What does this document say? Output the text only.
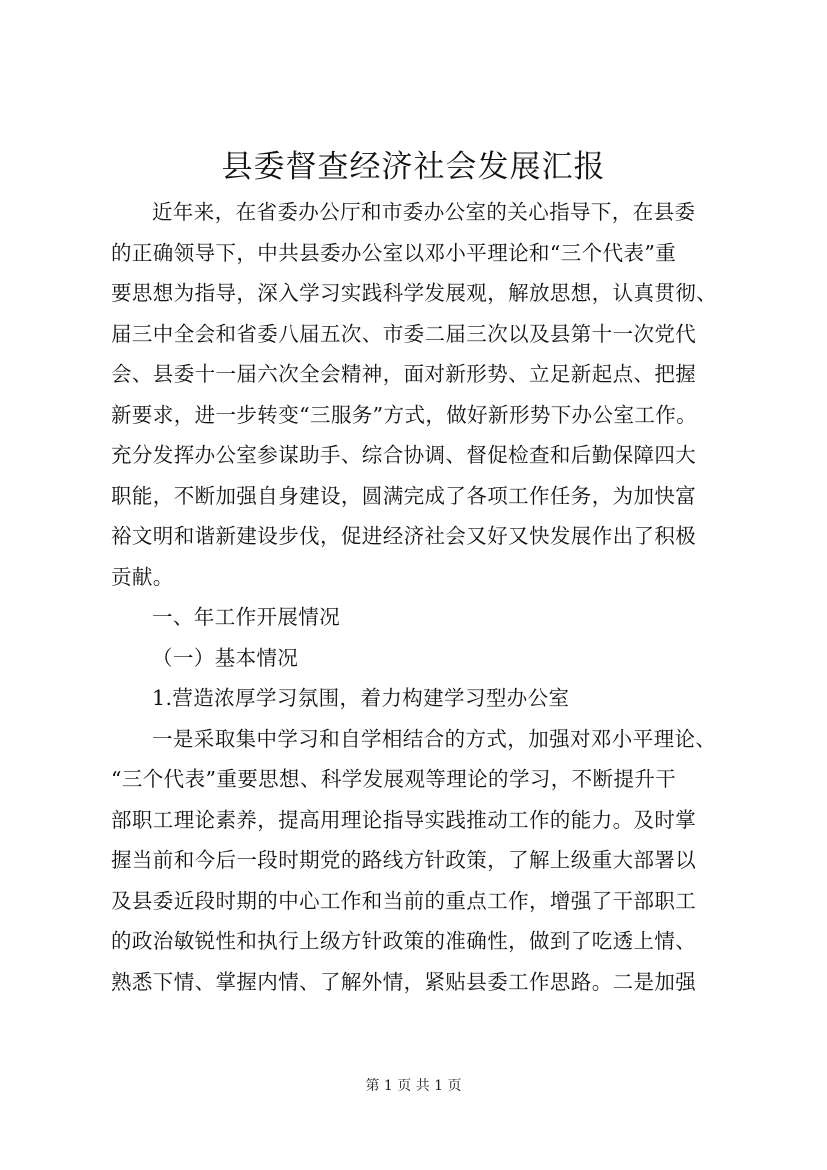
县委督查经济社会发展汇报
近年来，在省委办公厅和市委办公室的关心指导下，在县委
的正确领导下，中共县委办公室以邓小平理论和“三个代表”重
要思想为指导，深入学习实践科学发展观，解放思想，认真贯彻、
届三中全会和省委八届五次、市委二届三次以及县第十一次党代
会、县委十一届六次全会精神，面对新形势、立足新起点、把握
新要求，进一步转变“三服务”方式，做好新形势下办公室工作。
充分发挥办公室参谋助手、综合协调、督促检查和后勤保障四大
职能，不断加强自身建设，圆满完成了各项工作任务，为加快富
裕文明和谐新建设步伐，促进经济社会又好又快发展作出了积极
贡献。
一、年工作开展情况
（一）基本情况
1.营造浓厚学习氛围，着力构建学习型办公室
一是采取集中学习和自学相结合的方式，加强对邓小平理论、
“三个代表”重要思想、科学发展观等理论的学习，不断提升干
部职工理论素养，提高用理论指导实践推动工作的能力。及时掌
握当前和今后一段时期党的路线方针政策，了解上级重大部署以
及县委近段时期的中心工作和当前的重点工作，增强了干部职工
的政治敏锐性和执行上级方针政策的准确性，做到了吃透上情、
熟悉下情、掌握内情、了解外情，紧贴县委工作思路。二是加强
第 1 页 共 1 页
